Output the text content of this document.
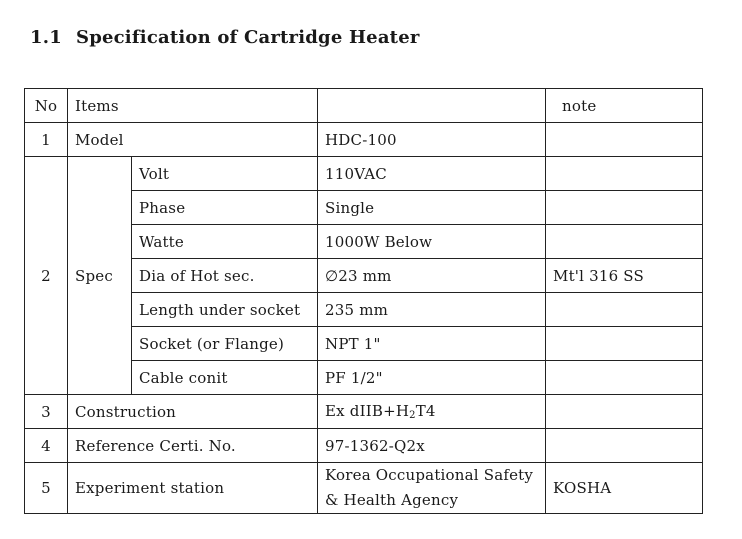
1.1 Specification of Cartridge Heater
No	Items			note
1	Model		HDC-100	
2	Spec	Volt	110VAC	
		Phase	Single	
		Watte	1000W Below	
		Dia of Hot sec.	∅23 mm	Mt'l 316 SS
		Length under socket	235 mm	
		Socket (or Flange)	NPT 1"	
		Cable conit	PF 1/2"	
3	Construction		Ex dIIB+H2T4	
4	Reference Certi. No.		97-1362-Q2x	
5	Experiment station		Korea Occupational Safety & Health Agency	KOSHA
